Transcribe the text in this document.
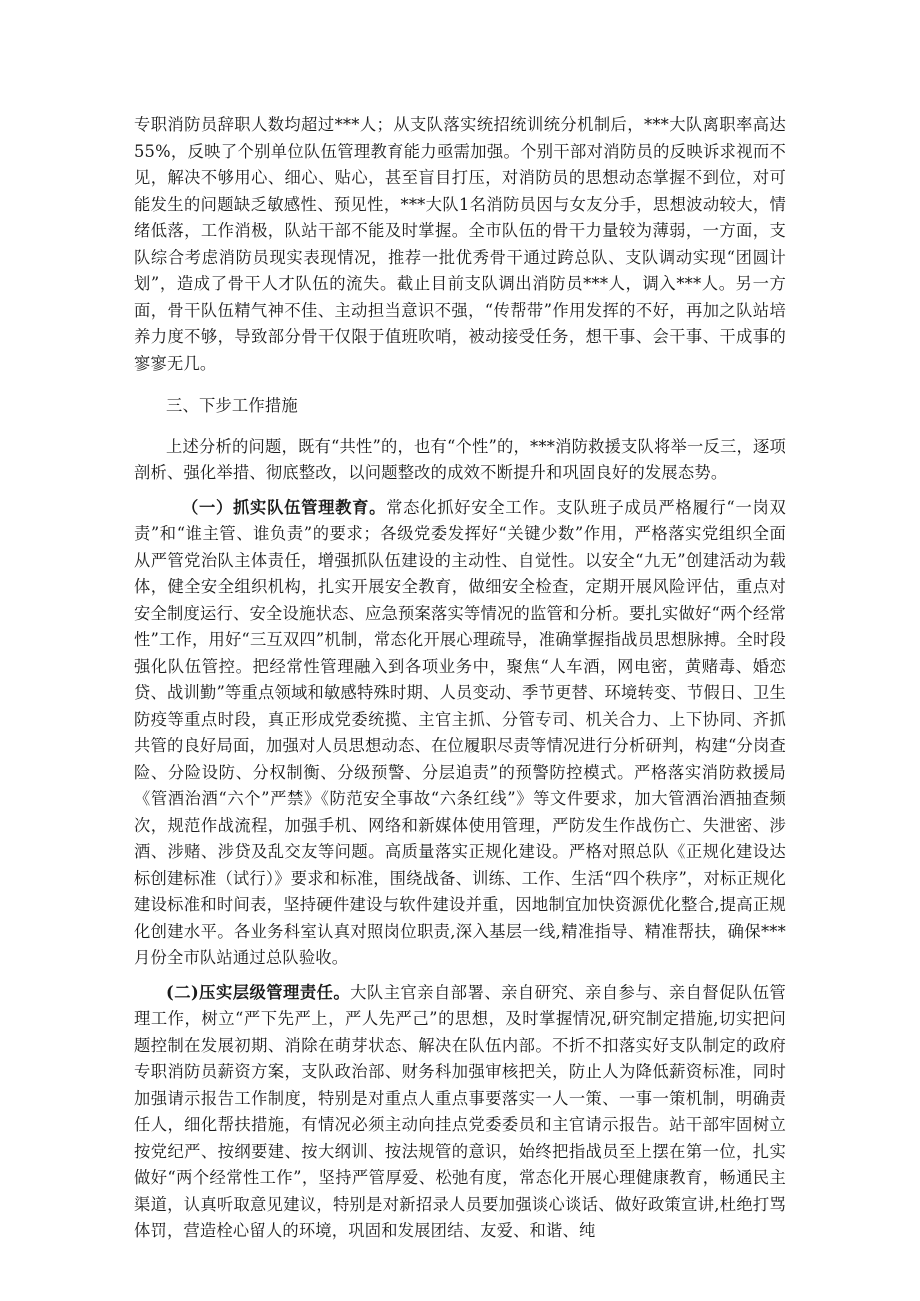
专职消防员辞职人数均超过***人；从支队落实统招统训统分机制后，***大队离职率高达55%，反映了个别单位队伍管理教育能力亟需加强。个别干部对消防员的反映诉求视而不见，解决不够用心、细心、贴心，甚至盲目打压，对消防员的思想动态掌握不到位，对可能发生的问题缺乏敏感性、预见性，***大队1名消防员因与女友分手，思想波动较大，情绪低落，工作消极，队站干部不能及时掌握。全市队伍的骨干力量较为薄弱，一方面，支队综合考虑消防员现实表现情况，推荐一批优秀骨干通过跨总队、支队调动实现“团圆计划”，造成了骨干人才队伍的流失。截止目前支队调出消防员***人，调入***人。另一方面，骨干队伍精气神不佳、主动担当意识不强，“传帮带”作用发挥的不好，再加之队站培养力度不够，导致部分骨干仅限于值班吹哨，被动接受任务，想干事、会干事、干成事的寥寥无几。

三、下步工作措施

上述分析的问题，既有“共性”的，也有“个性”的，***消防救援支队将举一反三，逐项剖析、强化举措、彻底整改，以问题整改的成效不断提升和巩固良好的发展态势。

（一）抓实队伍管理教育。常态化抓好安全工作。支队班子成员严格履行“一岗双责”和“谁主管、谁负责”的要求；各级党委发挥好“关键少数”作用，严格落实党组织全面从严管党治队主体责任，增强抓队伍建设的主动性、自觉性。以安全“九无”创建活动为载体，健全安全组织机构，扎实开展安全教育，做细安全检查，定期开展风险评估，重点对安全制度运行、安全设施状态、应急预案落实等情况的监管和分析。要扎实做好“两个经常性”工作，用好“三互双四”机制，常态化开展心理疏导，准确掌握指战员思想脉搏。全时段强化队伍管控。把经常性管理融入到各项业务中，聚焦“人车酒，网电密，黄赌毒、婚恋贷、战训勤”等重点领域和敏感特殊时期、人员变动、季节更替、环境转变、节假日、卫生防疫等重点时段，真正形成党委统揽、主官主抓、分管专司、机关合力、上下协同、齐抓共管的良好局面，加强对人员思想动态、在位履职尽责等情况进行分析研判，构建“分岗查险、分险设防、分权制衡、分级预警、分层追责”的预警防控模式。严格落实消防救援局《管酒治酒“六个”严禁》《防范安全事故“六条红线”》等文件要求，加大管酒治酒抽查频次，规范作战流程，加强手机、网络和新媒体使用管理，严防发生作战伤亡、失泄密、涉酒、涉赌、涉贷及乱交友等问题。高质量落实正规化建设。严格对照总队《正规化建设达标创建标准（试行）》要求和标准，围绕战备、训练、工作、生活“四个秩序”，对标正规化建设标准和时间表，坚持硬件建设与软件建设并重，因地制宜加快资源优化整合,提高正规化创建水平。各业务科室认真对照岗位职责,深入基层一线,精准指导、精准帮扶，确保***月份全市队站通过总队验收。

(二)压实层级管理责任。大队主官亲自部署、亲自研究、亲自参与、亲自督促队伍管理工作，树立“严下先严上，严人先严己”的思想，及时掌握情况,研究制定措施,切实把问题控制在发展初期、消除在萌芽状态、解决在队伍内部。不折不扣落实好支队制定的政府专职消防员薪资方案，支队政治部、财务科加强审核把关，防止人为降低薪资标准，同时加强请示报告工作制度，特别是对重点人重点事要落实一人一策、一事一策机制，明确责任人，细化帮扶措施，有情况必须主动向挂点党委委员和主官请示报告。站干部牢固树立按党纪严、按纲要建、按大纲训、按法规管的意识，始终把指战员至上摆在第一位，扎实做好“两个经常性工作”，坚持严管厚爱、松弛有度，常态化开展心理健康教育，畅通民主渠道，认真听取意见建议，特别是对新招录人员要加强谈心谈话、做好政策宣讲,杜绝打骂体罚，营造栓心留人的环境，巩固和发展团结、友爱、和谐、纯
